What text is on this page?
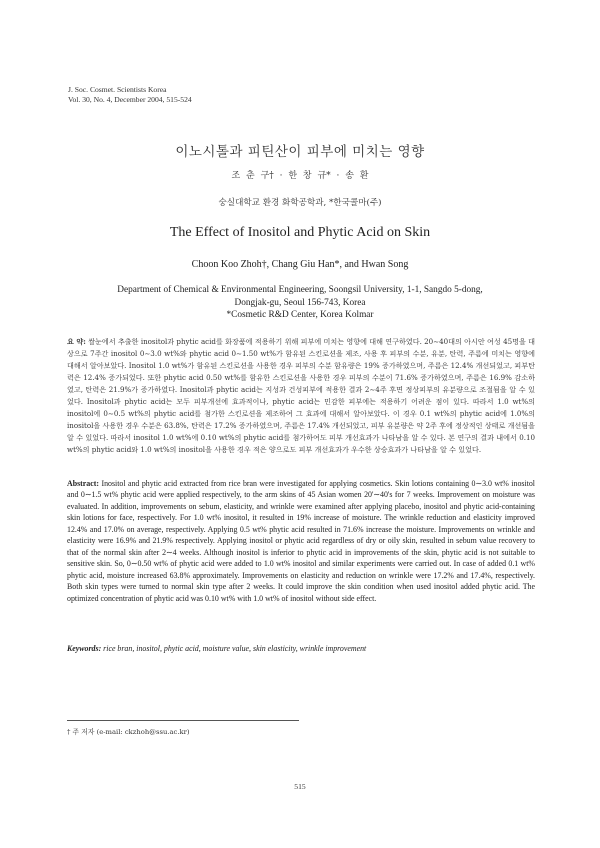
J. Soc. Cosmet. Scientists Korea
Vol. 30, No. 4, December 2004, 515-524
이노시톨과 피틴산이 피부에 미치는 영향
조 춘 구† · 한 창 규* · 송 환
숭실대학교 환경 화학공학과, *한국콜마(주)
The Effect of Inositol and Phytic Acid on Skin
Choon Koo Zhoh†, Chang Giu Han*, and Hwan Song
Department of Chemical & Environmental Engineering, Soongsil University, 1-1, Sangdo 5-dong,
Dongjak-gu, Seoul 156-743, Korea
*Cosmetic R&D Center, Korea Kolmar
요 약: 쌀눈에서 추출한 inositol과 phytic acid를 화장품에 적용하기 위해 피부에 미치는 영향에 대해 연구하였다. 20∼40대의 아시안 여성 45명을 대상으로 7주간 inositol 0∼3.0 wt%와 phytic acid 0∼1.50 wt%가 함유된 스킨로션을 제조, 사용 후 피부의 수분, 유분, 탄력, 주름에 미치는 영향에 대해서 알아보았다. Inositol 1.0 wt%가 함유된 스킨로션을 사용한 경우 피부의 수분 함유량은 19% 증가하였으며, 주름은 12.4% 개선되었고, 피부탄력은 12.4% 증가되었다. 또한 phytic acid 0.50 wt%를 함유한 스킨로션을 사용한 경우 피부의 수분이 71.6% 증가하였으며, 주름은 16.9% 감소하였고, 탄력은 21.9%가 증가하였다. Inositol과 phytic acid는 지성과 건성피부에 적용한 결과 2∼4주 후면 정상피부의 유분량으로 조절됨을 알 수 있었다. Inositol과 phytic acid는 모두 피부개선에 효과적이나, phytic acid는 민감한 피부에는 적용하기 어려운 점이 있다. 따라서 1.0 wt%의 inositol에 0∼0.5 wt%의 phytic acid를 첨가한 스킨로션을 제조하여 그 효과에 대해서 알아보았다. 이 경우 0.1 wt%의 phytic acid에 1.0%의 inositol을 사용한 경우 수분은 63.8%, 탄력은 17.2% 증가하였으며, 주름은 17.4% 개선되었고, 피부 유분량은 약 2주 후에 정상적인 상태로 개선됨을 알 수 있었다. 따라서 inositol 1.0 wt%에 0.10 wt%의 phytic acid를 첨가하여도 피부 개선효과가 나타남을 알 수 있다. 본 연구의 결과 내에서 0.10 wt%의 phytic acid와 1.0 wt%의 inositol을 사용한 경우 적은 양으로도 피부 개선효과가 우수한 상승효과가 나타남을 알 수 있었다.
Abstract: Inositol and phytic acid extracted from rice bran were investigated for applying cosmetics. Skin lotions containing 0∼3.0 wt% inositol and 0∼1.5 wt% phytic acid were applied respectively, to the arm skins of 45 Asian women 20'∼40's for 7 weeks. Improvement on moisture was evaluated. In addition, improvements on sebum, elasticity, and wrinkle were examined after applying placebo, inositol and phytic acid-containing skin lotions for face, respectively. For 1.0 wt% inositol, it resulted in 19% increase of moisture. The wrinkle reduction and elasticity improved 12.4% and 17.0% on average, respectively. Applying 0.5 wt% phytic acid resulted in 71.6% increase the moisture. Improvements on wrinkle and elasticity were 16.9% and 21.9% respectively. Applying inositol or phytic acid regardless of dry or oily skin, resulted in sebum value recovery to that of the normal skin after 2∼4 weeks. Although inositol is inferior to phytic acid in improvements of the skin, phytic acid is not suitable to sensitive skin. So, 0∼0.50 wt% of phytic acid were added to 1.0 wt% inositol and similar experiments were carried out. In case of added 0.1 wt% phytic acid, moisture increased 63.8% approximately. Improvements on elasticity and reduction on wrinkle were 17.2% and 17.4%, respectively. Both skin types were turned to normal skin type after 2 weeks. It could improve the skin condition when used inositol added phytic acid. The optimized concentration of phytic acid was 0.10 wt% with 1.0 wt% of inositol without side effect.
Keywords: rice bran, inositol, phytic acid, moisture value, skin elasticity, wrinkle improvement
† 주 저자 (e-mail: ckzhoh@ssu.ac.kr)
515
